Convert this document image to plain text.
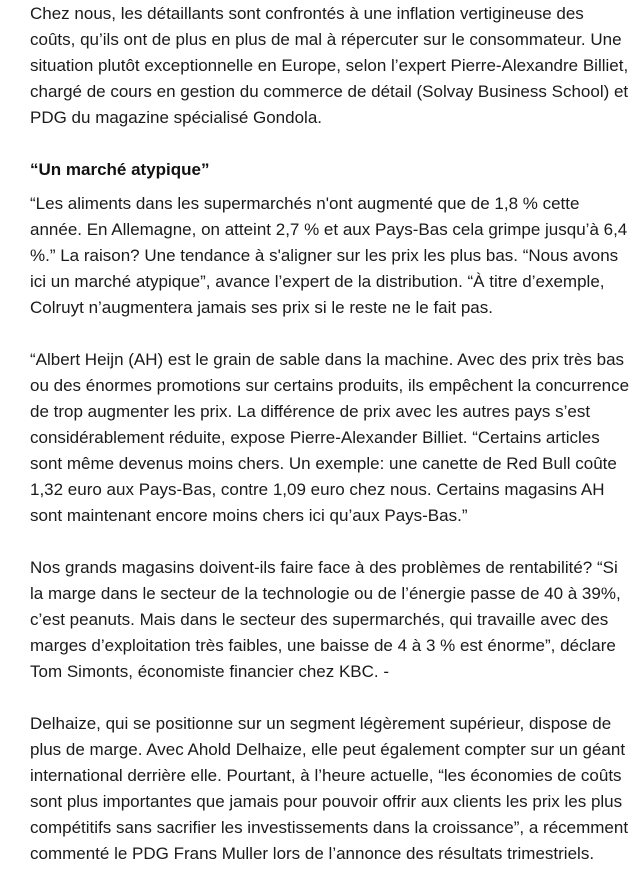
Chez nous, les détaillants sont confrontés à une inflation vertigineuse des coûts, qu’ils ont de plus en plus de mal à répercuter sur le consommateur. Une situation plutôt exceptionnelle en Europe, selon l’expert Pierre-Alexandre Billiet, chargé de cours en gestion du commerce de détail (Solvay Business School) et PDG du magazine spécialisé Gondola.

“Un marché atypique”

“Les aliments dans les supermarchés n'ont augmenté que de 1,8 % cette année. En Allemagne, on atteint 2,7 % et aux Pays-Bas cela grimpe jusqu’à 6,4 %.” La raison? Une tendance à s'aligner sur les prix les plus bas. “Nous avons ici un marché atypique”, avance l’expert de la distribution. “À titre d’exemple, Colruyt n’augmentera jamais ses prix si le reste ne le fait pas.

“Albert Heijn (AH) est le grain de sable dans la machine. Avec des prix très bas ou des énormes promotions sur certains produits, ils empêchent la concurrence de trop augmenter les prix. La différence de prix avec les autres pays s’est considérablement réduite, expose Pierre-Alexander Billiet. “Certains articles sont même devenus moins chers. Un exemple: une canette de Red Bull coûte 1,32 euro aux Pays-Bas, contre 1,09 euro chez nous. Certains magasins AH sont maintenant encore moins chers ici qu’aux Pays-Bas.”

Nos grands magasins doivent-ils faire face à des problèmes de rentabilité? “Si la marge dans le secteur de la technologie ou de l’énergie passe de 40 à 39%, c’est peanuts. Mais dans le secteur des supermarchés, qui travaille avec des marges d’exploitation très faibles, une baisse de 4 à 3 % est énorme”, déclare Tom Simonts, économiste financier chez KBC. -

Delhaize, qui se positionne sur un segment légèrement supérieur, dispose de plus de marge. Avec Ahold Delhaize, elle peut également compter sur un géant international derrière elle. Pourtant, à l’heure actuelle, “les économies de coûts sont plus importantes que jamais pour pouvoir offrir aux clients les prix les plus compétitifs sans sacrifier les investissements dans la croissance”, a récemment commenté le PDG Frans Muller lors de l’annonce des résultats trimestriels.
